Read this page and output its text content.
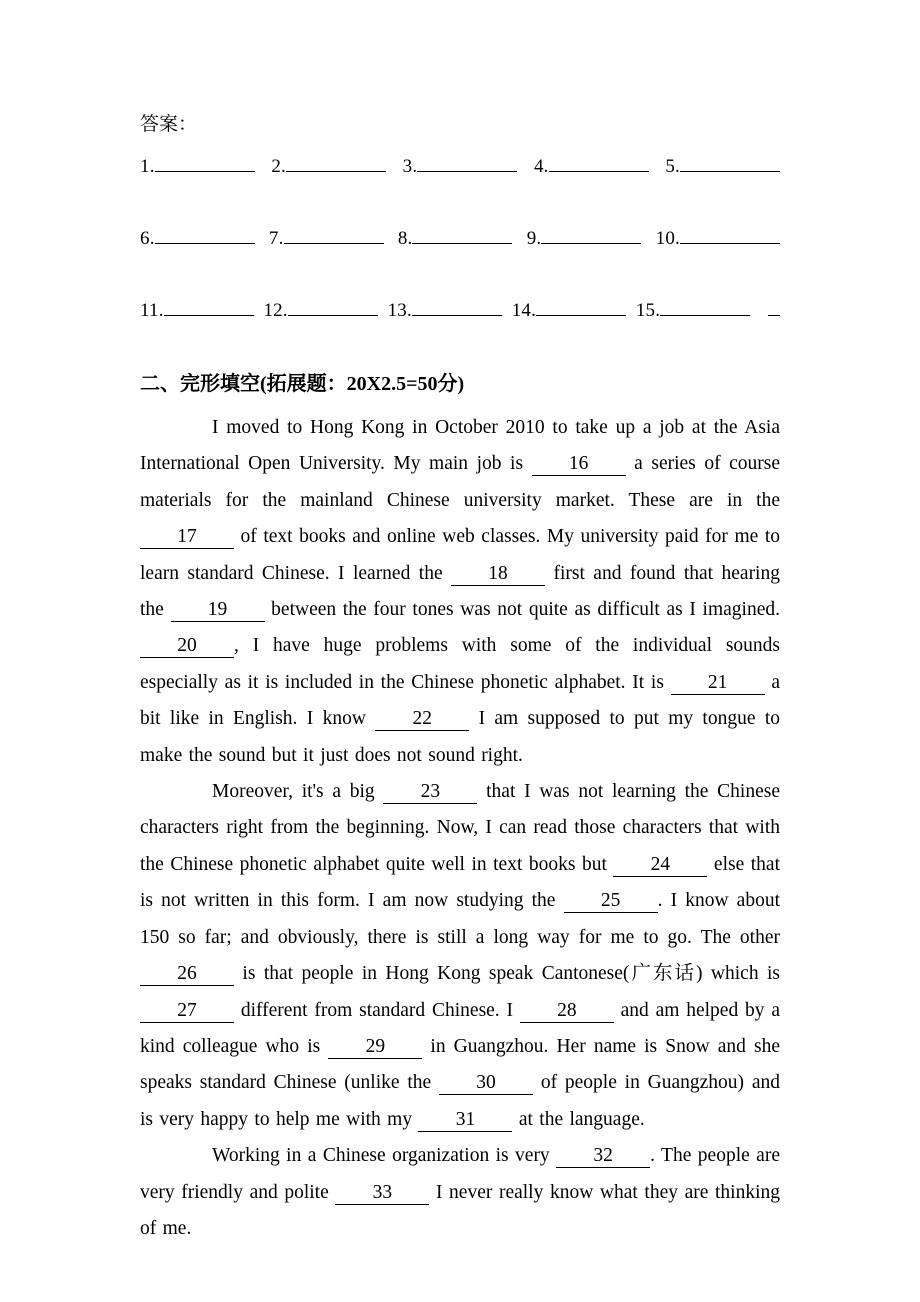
答案：
1.	2.	3.	4.	5.
6.	7.	8.	9.	10.
11.	12.	13.	14.	15.
二、完形填空(拓展题：20X2.5=50分)

I moved to Hong Kong in October 2010 to take up a job at the Asia International Open University. My main job is 16 a series of course materials for the mainland Chinese university market. These are in the 17 of text books and online web classes. My university paid for me to learn standard Chinese. I learned the 18 first and found that hearing the 19 between the four tones was not quite as difficult as I imagined. 20 , I have huge problems with some of the individual sounds especially as it is included in the Chinese phonetic alphabet. It is 21 a bit like in English. I know 22 I am supposed to put my tongue to make the sound but it just does not sound right.

Moreover, it's a big 23 that I was not learning the Chinese characters right from the beginning. Now, I can read those characters that with the Chinese phonetic alphabet quite well in text books but 24 else that is not written in this form. I am now studying the 25 . I know about 150 so far; and obviously, there is still a long way for me to go. The other 26 is that people in Hong Kong speak Cantonese(广东话) which is 27 different from standard Chinese. I 28 and am helped by a kind colleague who is 29 in Guangzhou. Her name is Snow and she speaks standard Chinese (unlike the 30 of people in Guangzhou) and is very happy to help me with my 31 at the language.

Working in a Chinese organization is very 32 . The people are very friendly and polite 33 I never really know what they are thinking of me.
